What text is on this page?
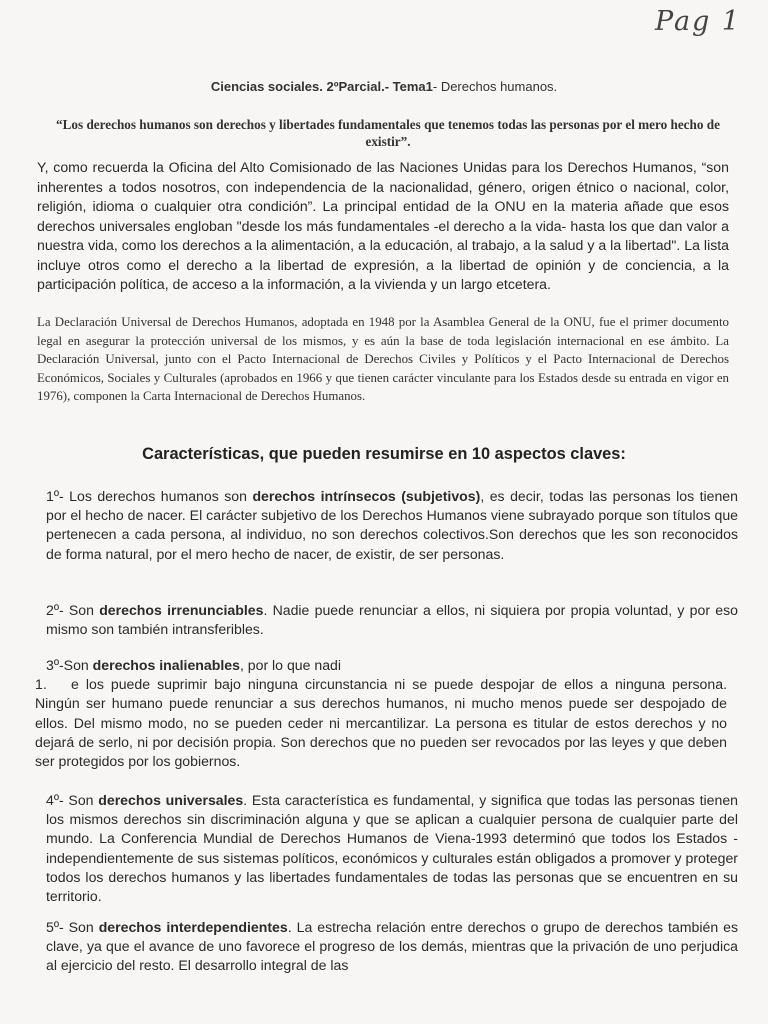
Pag 1
Ciencias sociales. 2ºParcial.- Tema1- Derechos humanos.
“Los derechos humanos son derechos y libertades fundamentales que tenemos todas las personas por el mero hecho de existir”.
Y, como recuerda la Oficina del Alto Comisionado de las Naciones Unidas para los Derechos Humanos, “son inherentes a todos nosotros, con independencia de la nacionalidad, género, origen étnico o nacional, color, religión, idioma o cualquier otra condición”. La principal entidad de la ONU en la materia añade que esos derechos universales engloban "desde los más fundamentales -el derecho a la vida- hasta los que dan valor a nuestra vida, como los derechos a la alimentación, a la educación, al trabajo, a la salud y a la libertad". La lista incluye otros como el derecho a la libertad de expresión, a la libertad de opinión y de conciencia, a la participación política, de acceso a la información, a la vivienda y un largo etcetera.
La Declaración Universal de Derechos Humanos, adoptada en 1948 por la Asamblea General de la ONU, fue el primer documento legal en asegurar la protección universal de los mismos, y es aún la base de toda legislación internacional en ese ámbito. La Declaración Universal, junto con el Pacto Internacional de Derechos Civiles y Políticos y el Pacto Internacional de Derechos Económicos, Sociales y Culturales (aprobados en 1966 y que tienen carácter vinculante para los Estados desde su entrada en vigor en 1976), componen la Carta Internacional de Derechos Humanos.
Características, que pueden resumirse en 10 aspectos claves:
1º- Los derechos humanos son derechos intrínsecos (subjetivos), es decir, todas las personas los tienen por el hecho de nacer. El carácter subjetivo de los Derechos Humanos viene subrayado porque son títulos que pertenecen a cada persona, al individuo, no son derechos colectivos.Son derechos que les son reconocidos de forma natural, por el mero hecho de nacer, de existir, de ser personas.
2º- Son derechos irrenunciables. Nadie puede renunciar a ellos, ni siquiera por propia voluntad, y por eso mismo son también intransferibles.
3º-Son derechos inalienables, por lo que nadi
1. e los puede suprimir bajo ninguna circunstancia ni se puede despojar de ellos a ninguna persona. Ningún ser humano puede renunciar a sus derechos humanos, ni mucho menos puede ser despojado de ellos. Del mismo modo, no se pueden ceder ni mercantilizar. La persona es titular de estos derechos y no dejará de serlo, ni por decisión propia. Son derechos que no pueden ser revocados por las leyes y que deben ser protegidos por los gobiernos.
4º- Son derechos universales. Esta característica es fundamental, y significa que todas las personas tienen los mismos derechos sin discriminación alguna y que se aplican a cualquier persona de cualquier parte del mundo. La Conferencia Mundial de Derechos Humanos de Viena-1993 determinó que todos los Estados -independientemente de sus sistemas políticos, económicos y culturales están obligados a promover y proteger todos los derechos humanos y las libertades fundamentales de todas las personas que se encuentren en su territorio.
5º- Son derechos interdependientes. La estrecha relación entre derechos o grupo de derechos también es clave, ya que el avance de uno favorece el progreso de los demás, mientras que la privación de uno perjudica al ejercicio del resto. El desarrollo integral de las
